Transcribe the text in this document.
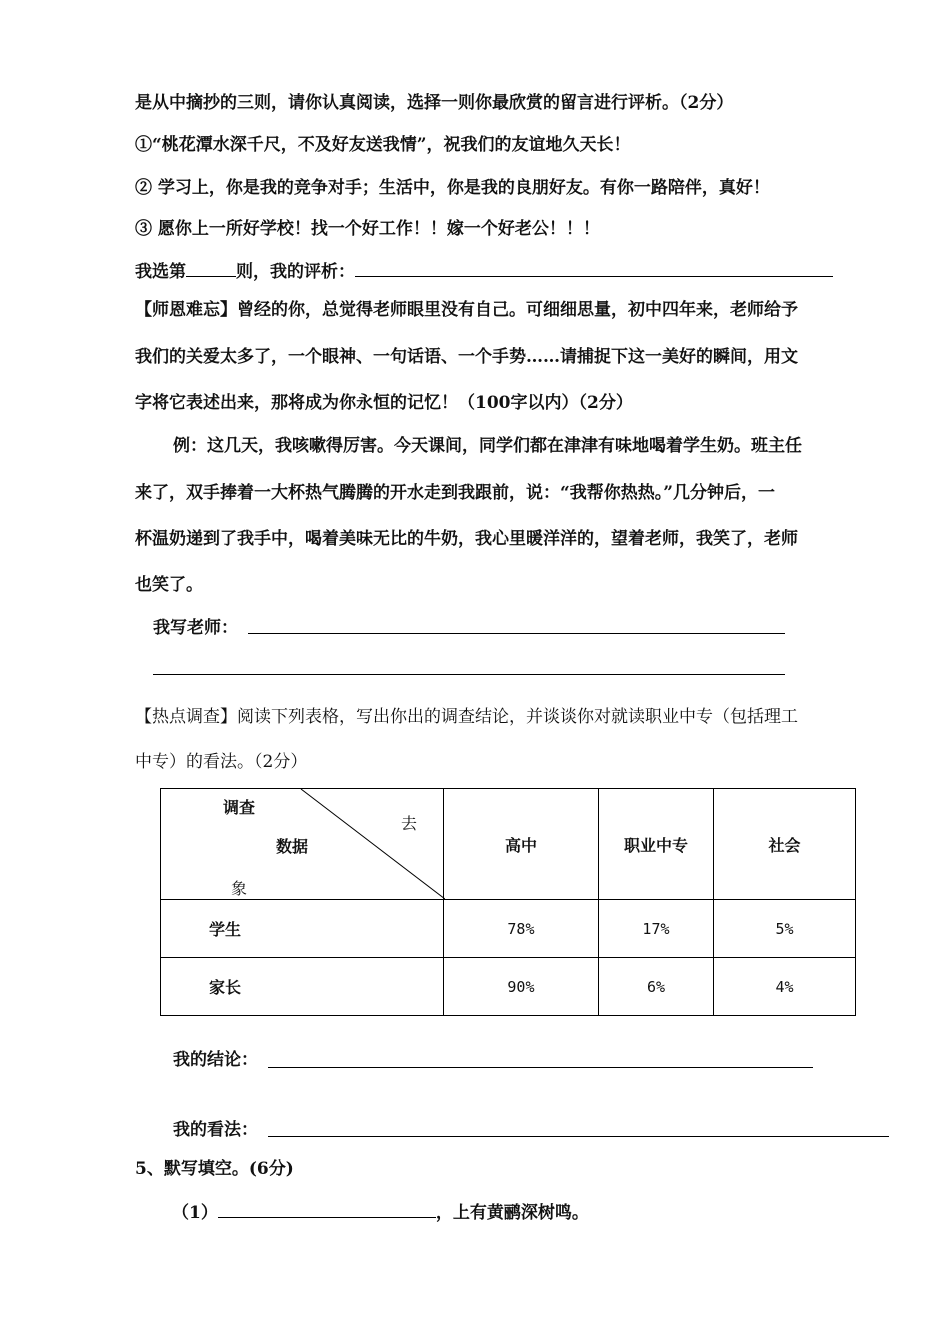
是从中摘抄的三则，请你认真阅读，选择一则你最欣赏的留言进行评析。（2分）
①“桃花潭水深千尺，不及好友送我情”，祝我们的友谊地久天长！
② 学习上，你是我的竞争对手；生活中，你是我的良朋好友。有你一路陪伴，真好！
③ 愿你上一所好学校！找一个好工作！！嫁一个好老公！！！
我选第	则，我的评析：
【师恩难忘】曾经的你，总觉得老师眼里没有自己。可细细思量，初中四年来，老师给予
我们的关爱太多了，一个眼神、一句话语、一个手势……请捕捉下这一美好的瞬间，用文
字将它表述出来，那将成为你永恒的记忆！（100字以内）（2分）
例：这几天，我咳嗽得厉害。今天课间，同学们都在津津有味地喝着学生奶。班主任
来了，双手捧着一大杯热气腾腾的开水走到我跟前，说：“我帮你热热。”几分钟后，一
杯温奶递到了我手中，喝着美味无比的牛奶，我心里暖洋洋的，望着老师，我笑了，老师
也笑了。
我写老师：
【热点调查】阅读下列表格，写出你出的调查结论，并谈谈你对就读职业中专（包括理工
中专）的看法。（2分）
调查
去
数据
象	高中	职业中专	社会
学生	78%	17%	5%
家长	90%	6%	4%
我的结论：
我的看法：
5、默写填空。(6分)
（1）	，上有黄鹂深树鸣。
